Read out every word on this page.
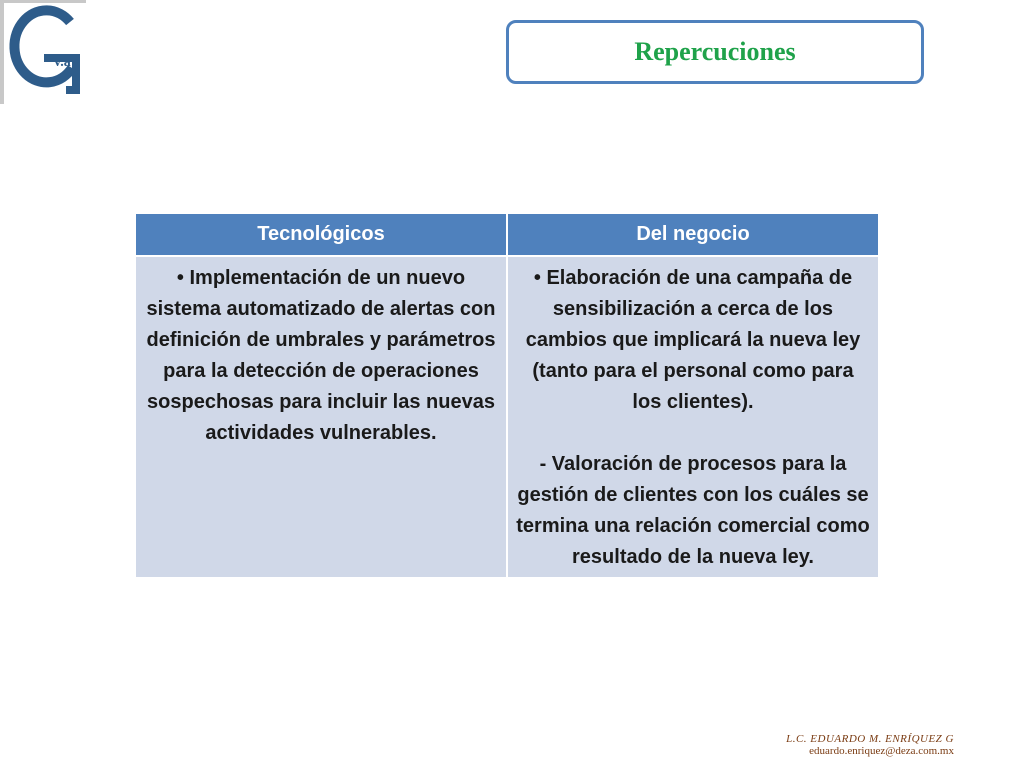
G
v.a	Repercuciones
Tecnológicos	Del negocio

• Implementación de un nuevo sistema automatizado de alertas con definición de umbrales y parámetros para la detección de operaciones sospechosas para incluir las nuevas actividades vulnerables.	• Elaboración de una campaña de sensibilización a cerca de los cambios que implicará la nueva ley (tanto para el personal como para los clientes).

- Valoración de procesos para la gestión de clientes con los cuáles se termina una relación comercial como resultado de la nueva ley.

L.C. EDUARDO M. ENRÍQUEZ G
eduardo.enriquez@deza.com.mx
